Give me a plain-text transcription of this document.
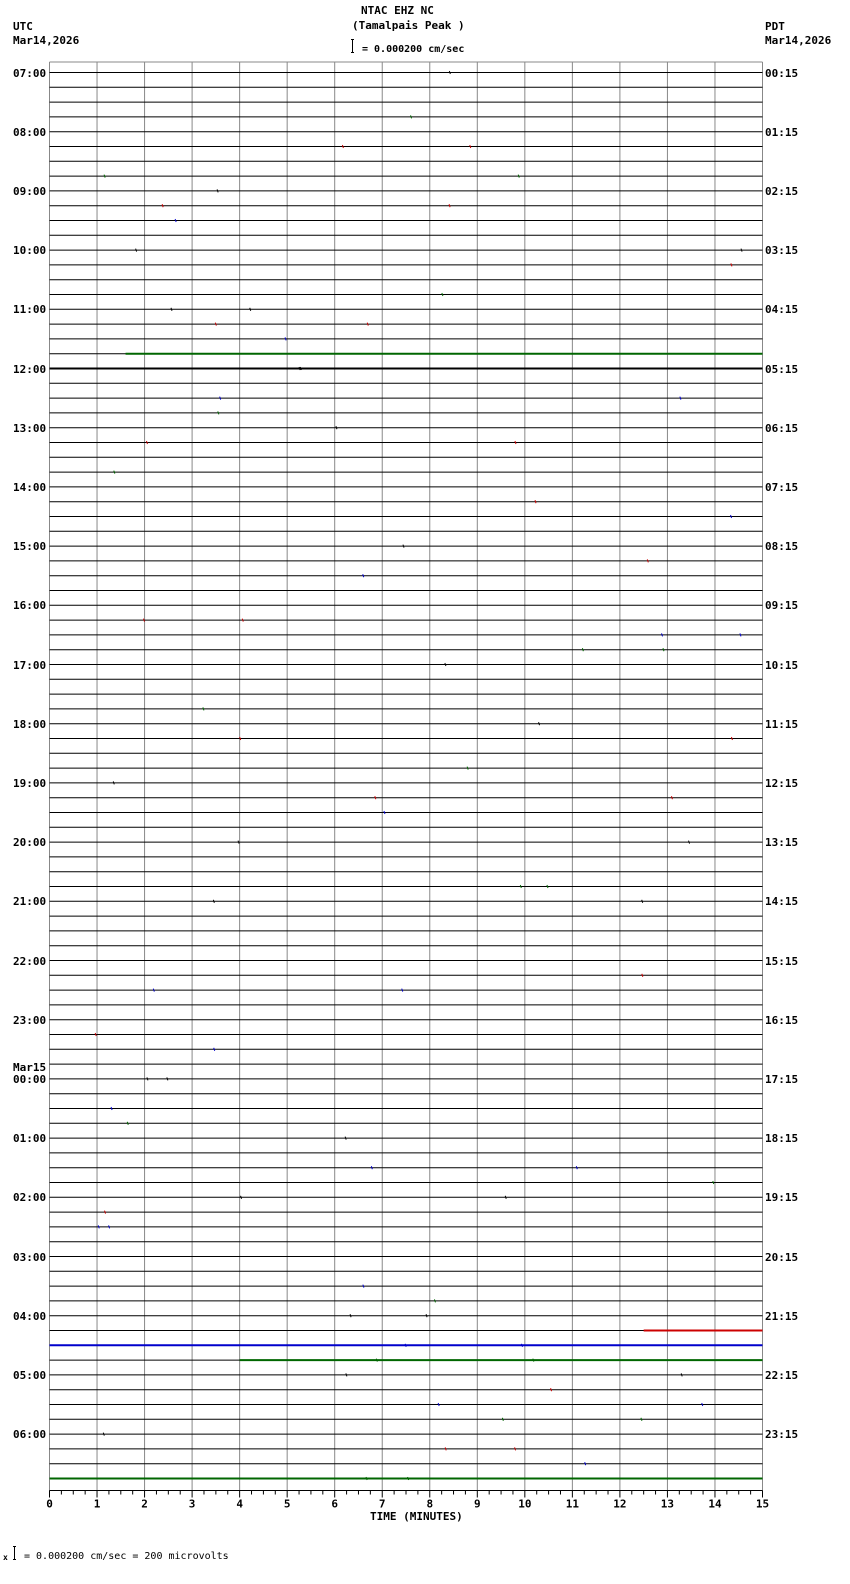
0	1	2	3	4	5	6	7	8	9	10	11	12	13	14	15
NTAC EHZ NC
(Tamalpais Peak )
= 0.000200 cm/sec
UTC
Mar14,2026
PDT
Mar14,2026
07:00
08:00
09:00
10:00
11:00
12:00
13:00
14:00
15:00
16:00
17:00
18:00
19:00
20:00
21:00
22:00
23:00
00:00
01:00
02:00
03:00
04:00
05:00
06:00
00:15
01:15
02:15
03:15
04:15
05:15
06:15
07:15
08:15
09:15
10:15
11:15
12:15
13:15
14:15
15:15
16:15
17:15
18:15
19:15
20:15
21:15
22:15
23:15
Mar15
TIME (MINUTES)
x = 0.000200 cm/sec = 200 microvolts
